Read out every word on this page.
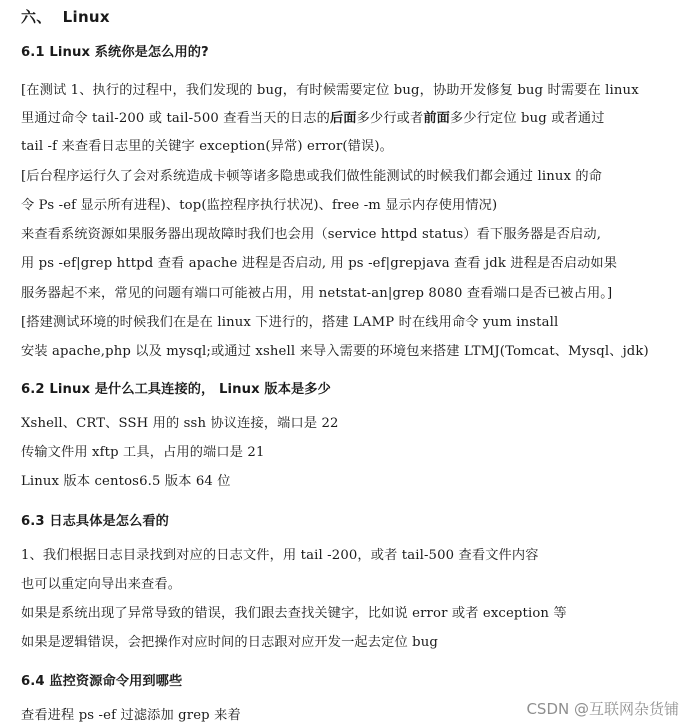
六、  Linux
6.1 Linux 系统你是怎么用的?
[在测试 1、执行的过程中，我们发现的 bug，有时候需要定位 bug，协助开发修复 bug 时需要在 linux
里通过命令 tail-200 或 tail-500 查看当天的日志的后面多少行或者前面多少行定位 bug 或者通过
tail -f 来查看日志里的关键字 exception(异常) error(错误)。
[后台程序运行久了会对系统造成卡顿等诸多隐患或我们做性能测试的时候我们都会通过 linux 的命
令 Ps -ef 显示所有进程)、top(监控程序执行状况)、free -m 显示内存使用情况)
来查看系统资源如果服务器出现故障时我们也会用（service httpd status）看下服务器是否启动,
用 ps -ef|grep httpd 查看 apache 进程是否启动, 用 ps -ef|grepjava 查看 jdk 进程是否启动如果
服务器起不来，常见的问题有端口可能被占用，用 netstat-an|grep 8080 查看端口是否已被占用。]
[搭建测试环境的时候我们在是在 linux 下进行的，搭建 LAMP 时在线用命令 yum install
安装 apache,php 以及 mysql;或通过 xshell 来导入需要的环境包来搭建 LTMJ(Tomcat、Mysql、jdk)
6.2 Linux 是什么工具连接的， Linux 版本是多少
Xshell、CRT、SSH 用的 ssh 协议连接，端口是 22
传输文件用 xftp 工具，占用的端口是 21
Linux 版本 centos6.5 版本 64 位
6.3 日志具体是怎么看的
1、我们根据日志目录找到对应的日志文件，用 tail -200，或者 tail-500 查看文件内容
也可以重定向导出来查看。
如果是系统出现了异常导致的错误，我们跟去查找关键字，比如说 error 或者 exception 等
如果是逻辑错误，会把操作对应时间的日志跟对应开发一起去定位 bug
6.4 监控资源命令用到哪些
查看进程 ps -ef 过滤添加 grep 来着	CSDN @互联网杂货铺
